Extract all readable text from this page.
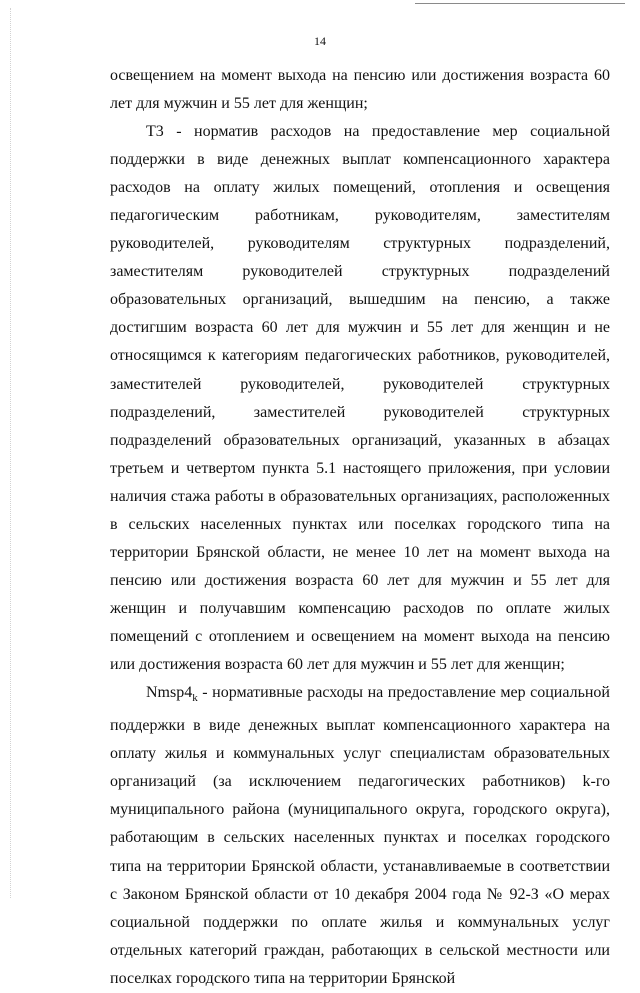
14

освещением на момент выхода на пенсию или достижения возраста 60 лет для мужчин и 55 лет для женщин;

Т3 - норматив расходов на предоставление мер социальной поддержки в виде денежных выплат компенсационного характера расходов на оплату жилых помещений, отопления и освещения педагогическим работникам, руководителям, заместителям руководителей, руководителям структурных подразделений, заместителям руководителей структурных подразделений образовательных организаций, вышедшим на пенсию, а также достигшим возраста 60 лет для мужчин и 55 лет для женщин и не относящимся к категориям педагогических работников, руководителей, заместителей руководителей, руководителей структурных подразделений, заместителей руководителей структурных подразделений образовательных организаций, указанных в абзацах третьем и четвертом пункта 5.1 настоящего приложения, при условии наличия стажа работы в образовательных организациях, расположенных в сельских населенных пунктах или поселках городского типа на территории Брянской области, не менее 10 лет на момент выхода на пенсию или достижения возраста 60 лет для мужчин и 55 лет для женщин и получавшим компенсацию расходов по оплате жилых помещений с отоплением и освещением на момент выхода на пенсию или достижения возраста 60 лет для мужчин и 55 лет для женщин;

$Nmsp4_k$ - нормативные расходы на предоставление мер социальной поддержки в виде денежных выплат компенсационного характера на оплату жилья и коммунальных услуг специалистам образовательных организаций (за исключением педагогических работников) k-го муниципального района (муниципального округа, городского округа), работающим в сельских населенных пунктах и поселках городского типа на территории Брянской области, устанавливаемые в соответствии с Законом Брянской области от 10 декабря 2004 года № 92-З «О мерах социальной поддержки по оплате жилья и коммунальных услуг отдельных категорий граждан, работающих в сельской местности или поселках городского типа на территории Брянской
